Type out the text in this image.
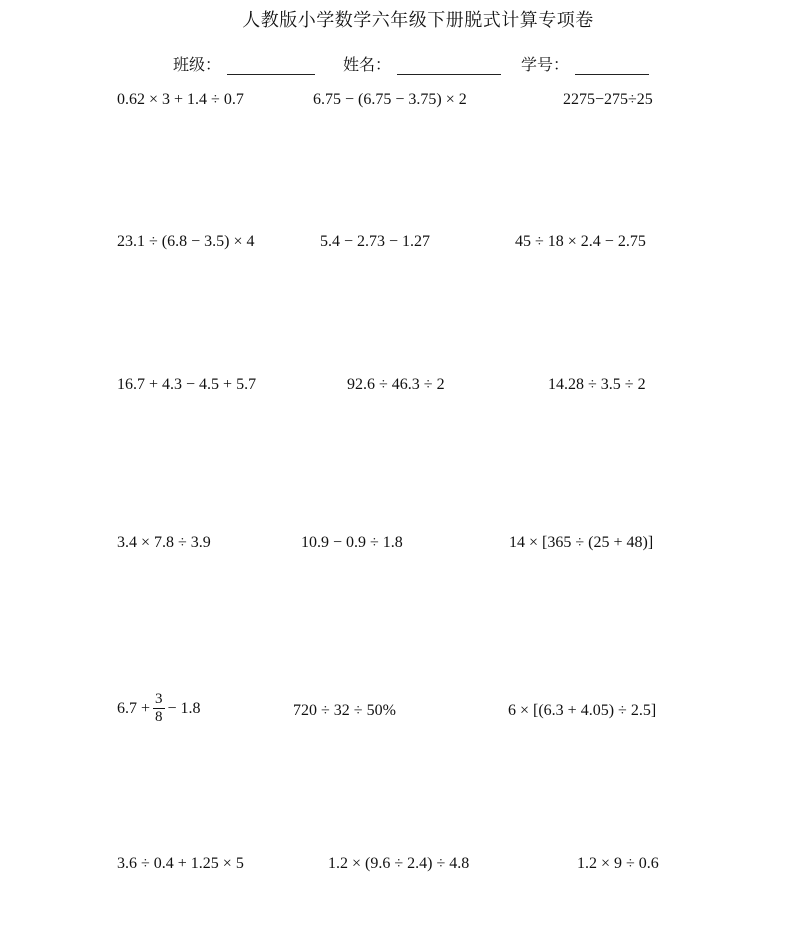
人教版小学数学六年级下册脱式计算专项卷
班级：	姓名：	学号：
0.62 × 3 + 1.4 ÷ 0.7	6.75 − (6.75 − 3.75) × 2	2275−275÷25
23.1 ÷ (6.8 − 3.5) × 4	5.4 − 2.73 − 1.27	45 ÷ 18 × 2.4 − 2.75
16.7 + 4.3 − 4.5 + 5.7	92.6 ÷ 46.3 ÷ 2	14.28 ÷ 3.5 ÷ 2
3.4 × 7.8 ÷ 3.9	10.9 − 0.9 ÷ 1.8	14 × [365 ÷ (25 + 48)]
$6.7 + \frac{3}{8} - 1.8$	720 ÷ 32 ÷ 50%	6 × [(6.3 + 4.05) ÷ 2.5]
3.6 ÷ 0.4 + 1.25 × 5	1.2 × (9.6 ÷ 2.4) ÷ 4.8	1.2 × 9 ÷ 0.6
